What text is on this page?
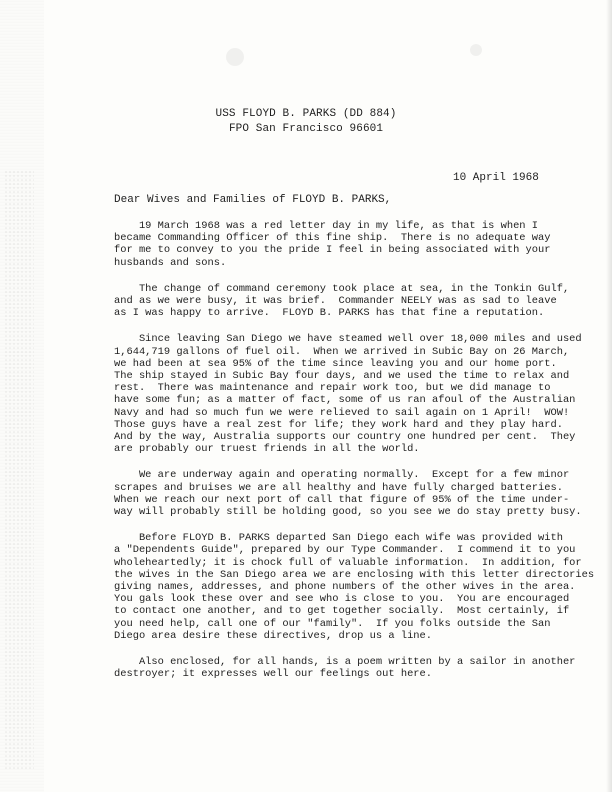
USS FLOYD B. PARKS (DD 884)
FPO San Francisco 96601
10 April 1968
Dear Wives and Families of FLOYD B. PARKS,
19 March 1968 was a red letter day in my life, as that is when I
became Commanding Officer of this fine ship.  There is no adequate way
for me to convey to you the pride I feel in being associated with your
husbands and sons.
The change of command ceremony took place at sea, in the Tonkin Gulf,
and as we were busy, it was brief.  Commander NEELY was as sad to leave
as I was happy to arrive.  FLOYD B. PARKS has that fine a reputation.
Since leaving San Diego we have steamed well over 18,000 miles and used
1,644,719 gallons of fuel oil.  When we arrived in Subic Bay on 26 March,
we had been at sea 95% of the time since leaving you and our home port.
The ship stayed in Subic Bay four days, and we used the time to relax and
rest.  There was maintenance and repair work too, but we did manage to
have some fun; as a matter of fact, some of us ran afoul of the Australian
Navy and had so much fun we were relieved to sail again on 1 April!  WOW!
Those guys have a real zest for life; they work hard and they play hard.
And by the way, Australia supports our country one hundred per cent.  They
are probably our truest friends in all the world.
We are underway again and operating normally.  Except for a few minor
scrapes and bruises we are all healthy and have fully charged batteries.
When we reach our next port of call that figure of 95% of the time under-
way will probably still be holding good, so you see we do stay pretty busy.
Before FLOYD B. PARKS departed San Diego each wife was provided with
a "Dependents Guide", prepared by our Type Commander.  I commend it to you
wholeheartedly; it is chock full of valuable information.  In addition, for
the wives in the San Diego area we are enclosing with this letter directories
giving names, addresses, and phone numbers of the other wives in the area.
You gals look these over and see who is close to you.  You are encouraged
to contact one another, and to get together socially.  Most certainly, if
you need help, call one of our "family".  If you folks outside the San
Diego area desire these directives, drop us a line.
Also enclosed, for all hands, is a poem written by a sailor in another
destroyer; it expresses well our feelings out here.
